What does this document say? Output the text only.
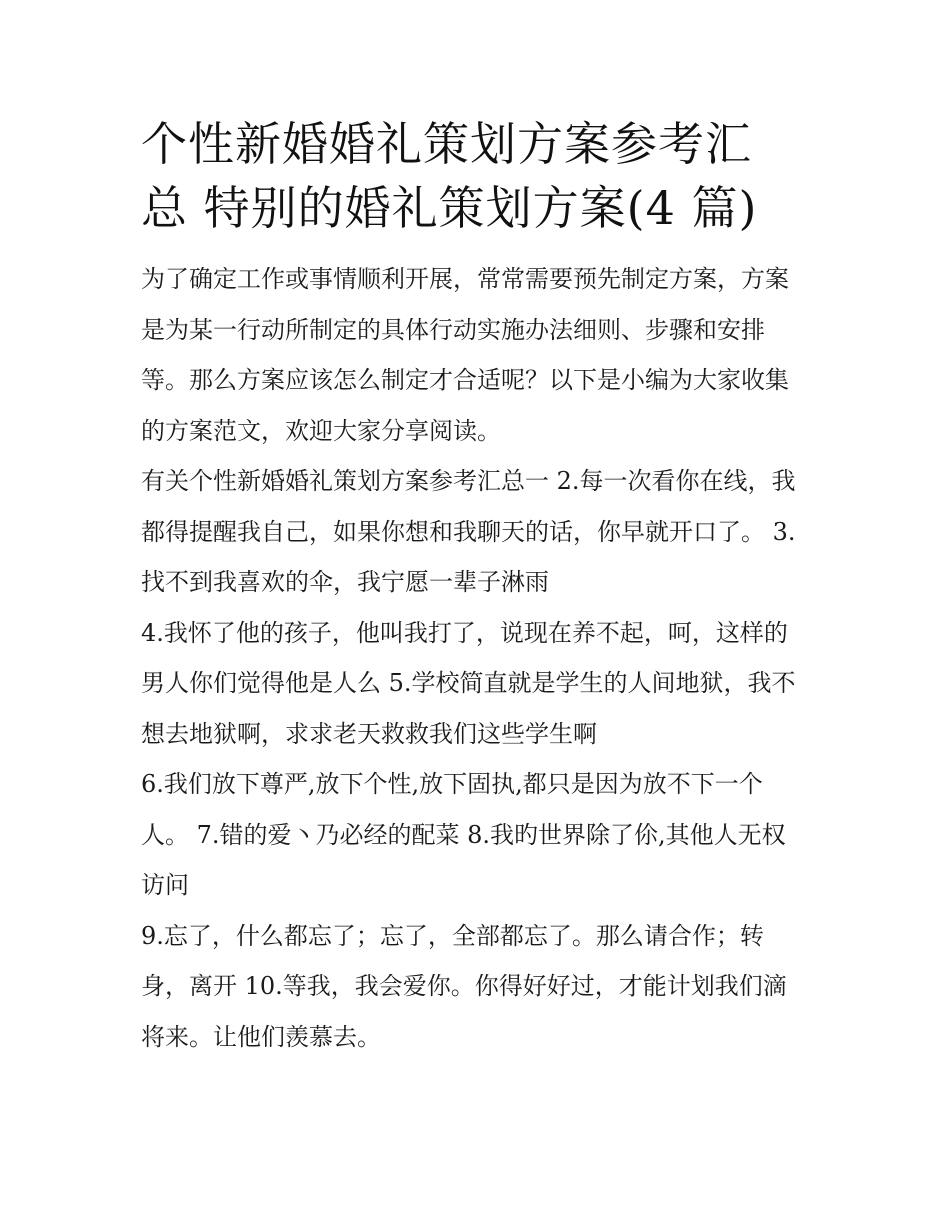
个性新婚婚礼策划方案参考汇
总 特别的婚礼策划方案(4 篇)

为了确定工作或事情顺利开展，常常需要预先制定方案，方案
是为某一行动所制定的具体行动实施办法细则、步骤和安排
等。那么方案应该怎么制定才合适呢？以下是小编为大家收集
的方案范文，欢迎大家分享阅读。

有关个性新婚婚礼策划方案参考汇总一 2.每一次看你在线，我
都得提醒我自己，如果你想和我聊天的话，你早就开口了。 3.
找不到我喜欢的伞，我宁愿一辈子淋雨

4.我怀了他的孩子，他叫我打了，说现在养不起，呵，这样的
男人你们觉得他是人么 5.学校简直就是学生的人间地狱，我不
想去地狱啊，求求老天救救我们这些学生啊

6.我们放下尊严,放下个性,放下固执,都只是因为放不下一个
人。 7.错的爱丶乃必经的配菜 8.我旳世界除了伱,其他人无权
访问

9.忘了，什么都忘了；忘了，全部都忘了。那么请合作；转
身，离开 10.等我，我会爱你。你得好好过，才能计划我们滴
将来。让他们羡慕去。
